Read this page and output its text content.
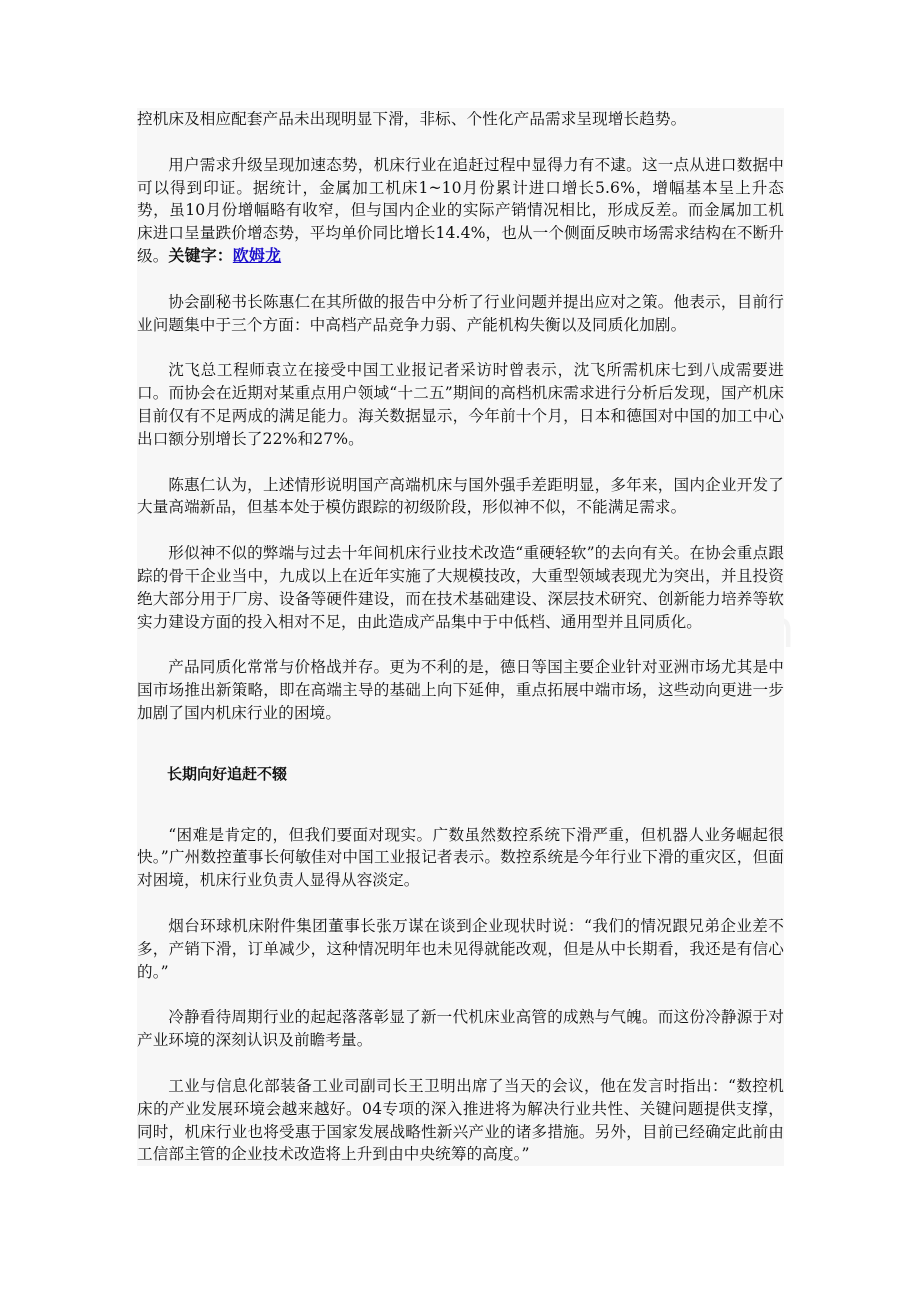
控机床及相应配套产品未出现明显下滑，非标、个性化产品需求呈现增长趋势。

用户需求升级呈现加速态势，机床行业在追赶过程中显得力有不逮。这一点从进口数据中可以得到印证。据统计，金属加工机床1~10月份累计进口增长5.6%，增幅基本呈上升态势，虽10月份增幅略有收窄，但与国内企业的实际产销情况相比，形成反差。而金属加工机床进口呈量跌价增态势，平均单价同比增长14.4%，也从一个侧面反映市场需求结构在不断升级。关键字：欧姆龙

协会副秘书长陈惠仁在其所做的报告中分析了行业问题并提出应对之策。他表示，目前行业问题集中于三个方面：中高档产品竞争力弱、产能机构失衡以及同质化加剧。

沈飞总工程师袁立在接受中国工业报记者采访时曾表示，沈飞所需机床七到八成需要进口。而协会在近期对某重点用户领域“十二五”期间的高档机床需求进行分析后发现，国产机床目前仅有不足两成的满足能力。海关数据显示，今年前十个月，日本和德国对中国的加工中心出口额分别增长了22%和27%。

陈惠仁认为，上述情形说明国产高端机床与国外强手差距明显，多年来，国内企业开发了大量高端新品，但基本处于模仿跟踪的初级阶段，形似神不似，不能满足需求。

形似神不似的弊端与过去十年间机床行业技术改造“重硬轻软”的去向有关。在协会重点跟踪的骨干企业当中，九成以上在近年实施了大规模技改，大重型领域表现尤为突出，并且投资绝大部分用于厂房、设备等硬件建设，而在技术基础建设、深层技术研究、创新能力培养等软实力建设方面的投入相对不足，由此造成产品集中于中低档、通用型并且同质化。

产品同质化常常与价格战并存。更为不利的是，德日等国主要企业针对亚洲市场尤其是中国市场推出新策略，即在高端主导的基础上向下延伸，重点拓展中端市场，这些动向更进一步加剧了国内机床行业的困境。

长期向好追赶不辍

“困难是肯定的，但我们要面对现实。广数虽然数控系统下滑严重，但机器人业务崛起很快。”广州数控董事长何敏佳对中国工业报记者表示。数控系统是今年行业下滑的重灾区，但面对困境，机床行业负责人显得从容淡定。

烟台环球机床附件集团董事长张万谋在谈到企业现状时说：“我们的情况跟兄弟企业差不多，产销下滑，订单减少，这种情况明年也未见得就能改观，但是从中长期看，我还是有信心的。”

冷静看待周期行业的起起落落彰显了新一代机床业高管的成熟与气魄。而这份冷静源于对产业环境的深刻认识及前瞻考量。

工业与信息化部装备工业司副司长王卫明出席了当天的会议，他在发言时指出：“数控机床的产业发展环境会越来越好。04专项的深入推进将为解决行业共性、关键问题提供支撑，同时，机床行业也将受惠于国家发展战略性新兴产业的诸多措施。另外，目前已经确定此前由工信部主管的企业技术改造将上升到由中央统筹的高度。”
